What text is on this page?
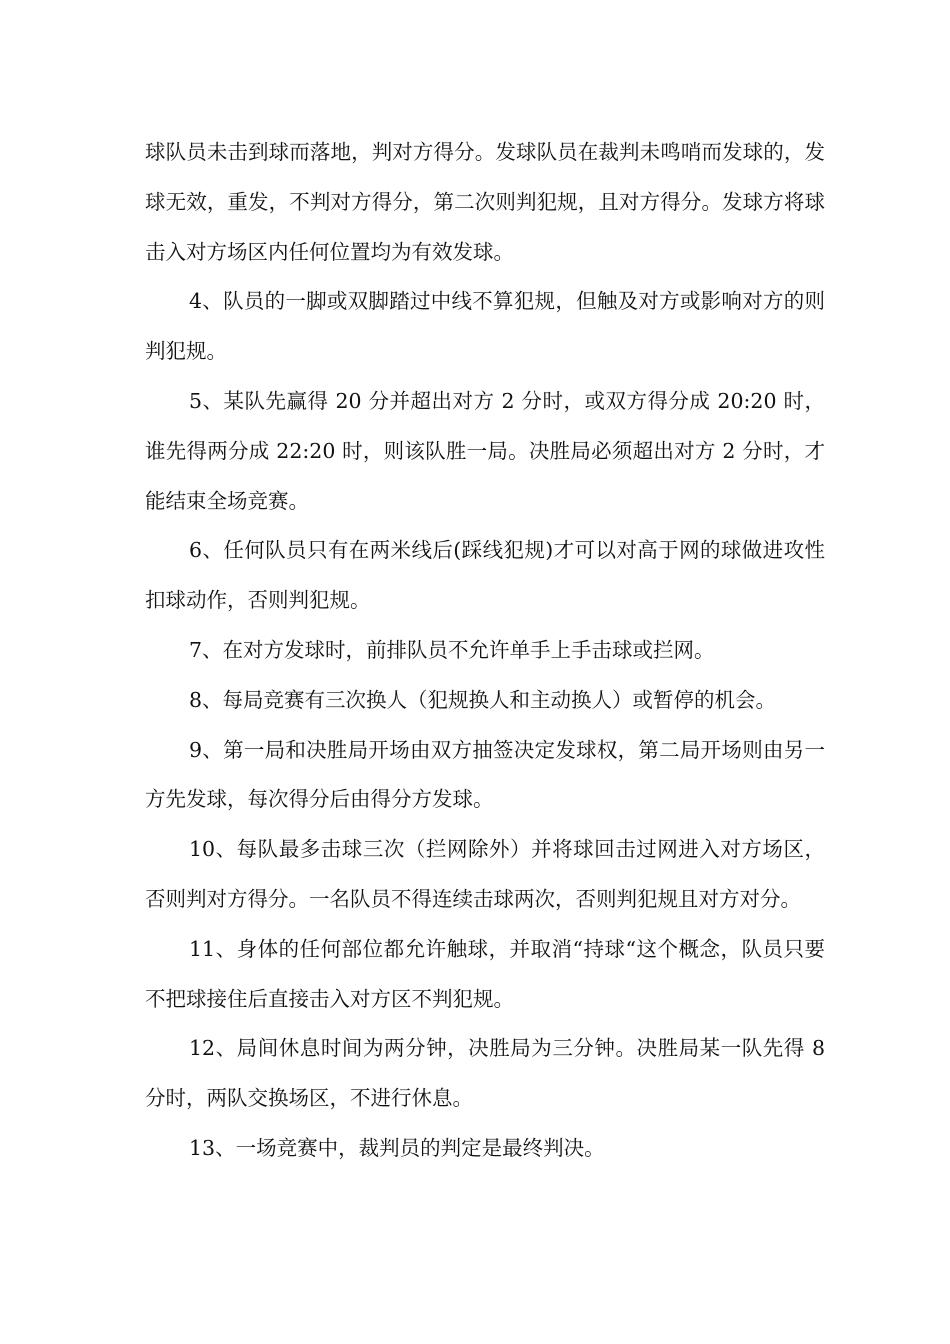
球队员未击到球而落地，判对方得分。发球队员在裁判未鸣哨而发球的，发球无效，重发，不判对方得分，第二次则判犯规，且对方得分。发球方将球击入对方场区内任何位置均为有效发球。

4、队员的一脚或双脚踏过中线不算犯规，但触及对方或影响对方的则判犯规。

5、某队先赢得 20 分并超出对方 2 分时，或双方得分成 20:20 时，谁先得两分成 22:20 时，则该队胜一局。决胜局必须超出对方 2 分时，才能结束全场竞赛。

6、任何队员只有在两米线后(踩线犯规)才可以对高于网的球做进攻性扣球动作，否则判犯规。

7、在对方发球时，前排队员不允许单手上手击球或拦网。

8、每局竞赛有三次换人（犯规换人和主动换人）或暂停的机会。

9、第一局和决胜局开场由双方抽签决定发球权，第二局开场则由另一方先发球，每次得分后由得分方发球。

10、每队最多击球三次（拦网除外）并将球回击过网进入对方场区，否则判对方得分。一名队员不得连续击球两次，否则判犯规且对方对分。

11、身体的任何部位都允许触球，并取消“持球“这个概念，队员只要不把球接住后直接击入对方区不判犯规。

12、局间休息时间为两分钟，决胜局为三分钟。决胜局某一队先得 8 分时，两队交换场区，不进行休息。

13、一场竞赛中，裁判员的判定是最终判决。
